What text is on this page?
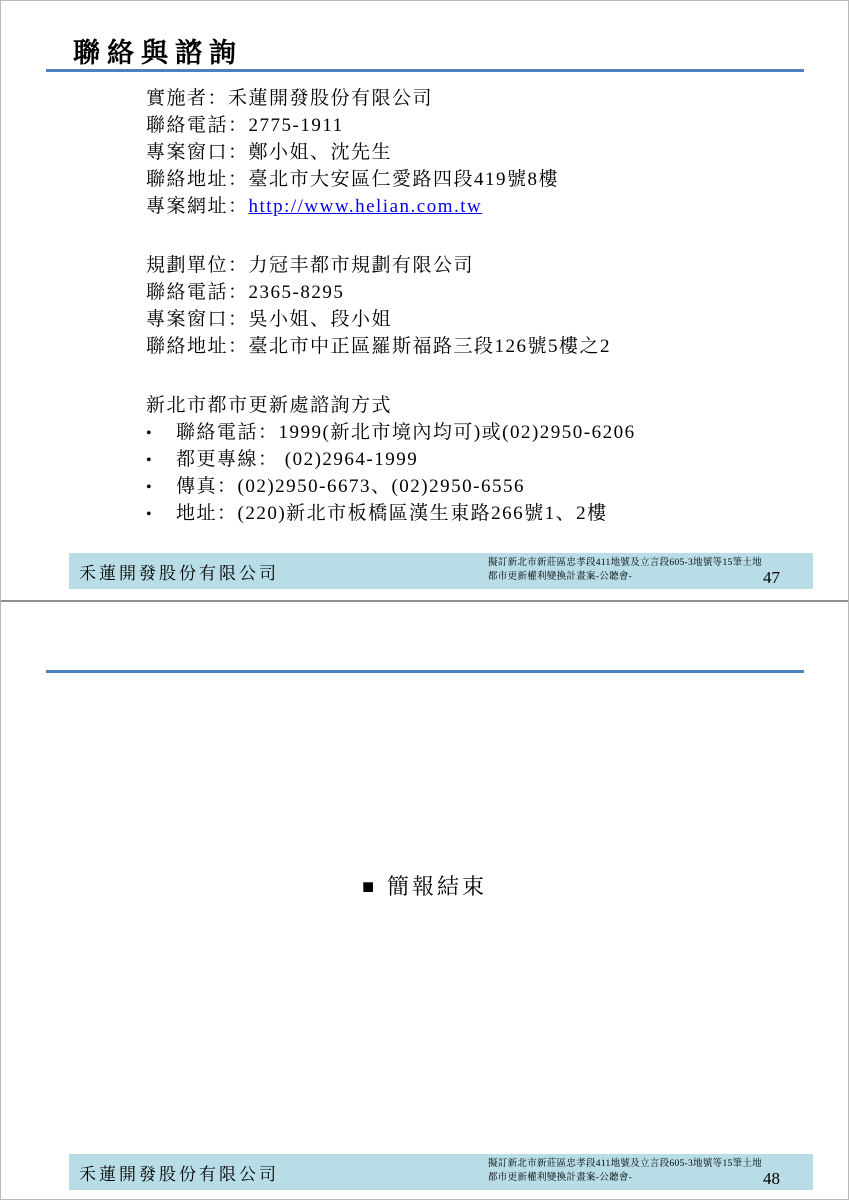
聯絡與諮詢
實施者：禾蓮開發股份有限公司
聯絡電話：2775-1911
專案窗口：鄭小姐、沈先生
聯絡地址：臺北市大安區仁愛路四段419號8樓
專案網址：http://www.helian.com.tw
規劃單位：力冠丰都市規劃有限公司
聯絡電話：2365-8295
專案窗口：吳小姐、段小姐
聯絡地址：臺北市中正區羅斯福路三段126號5樓之2
新北市都市更新處諮詢方式
• 聯絡電話：1999(新北市境內均可)或(02)2950-6206
• 都更專線： (02)2964-1999
• 傳真：(02)2950-6673、(02)2950-6556
• 地址：(220)新北市板橋區漢生東路266號1、2樓
禾蓮開發股份有限公司
擬訂新北市新莊區忠孝段411地號及立言段605-3地號等15筆土地
都市更新權利變換計畫案-公聽會-	47
■ 簡報結束
禾蓮開發股份有限公司
擬訂新北市新莊區忠孝段411地號及立言段605-3地號等15筆土地
都市更新權利變換計畫案-公聽會-	48
